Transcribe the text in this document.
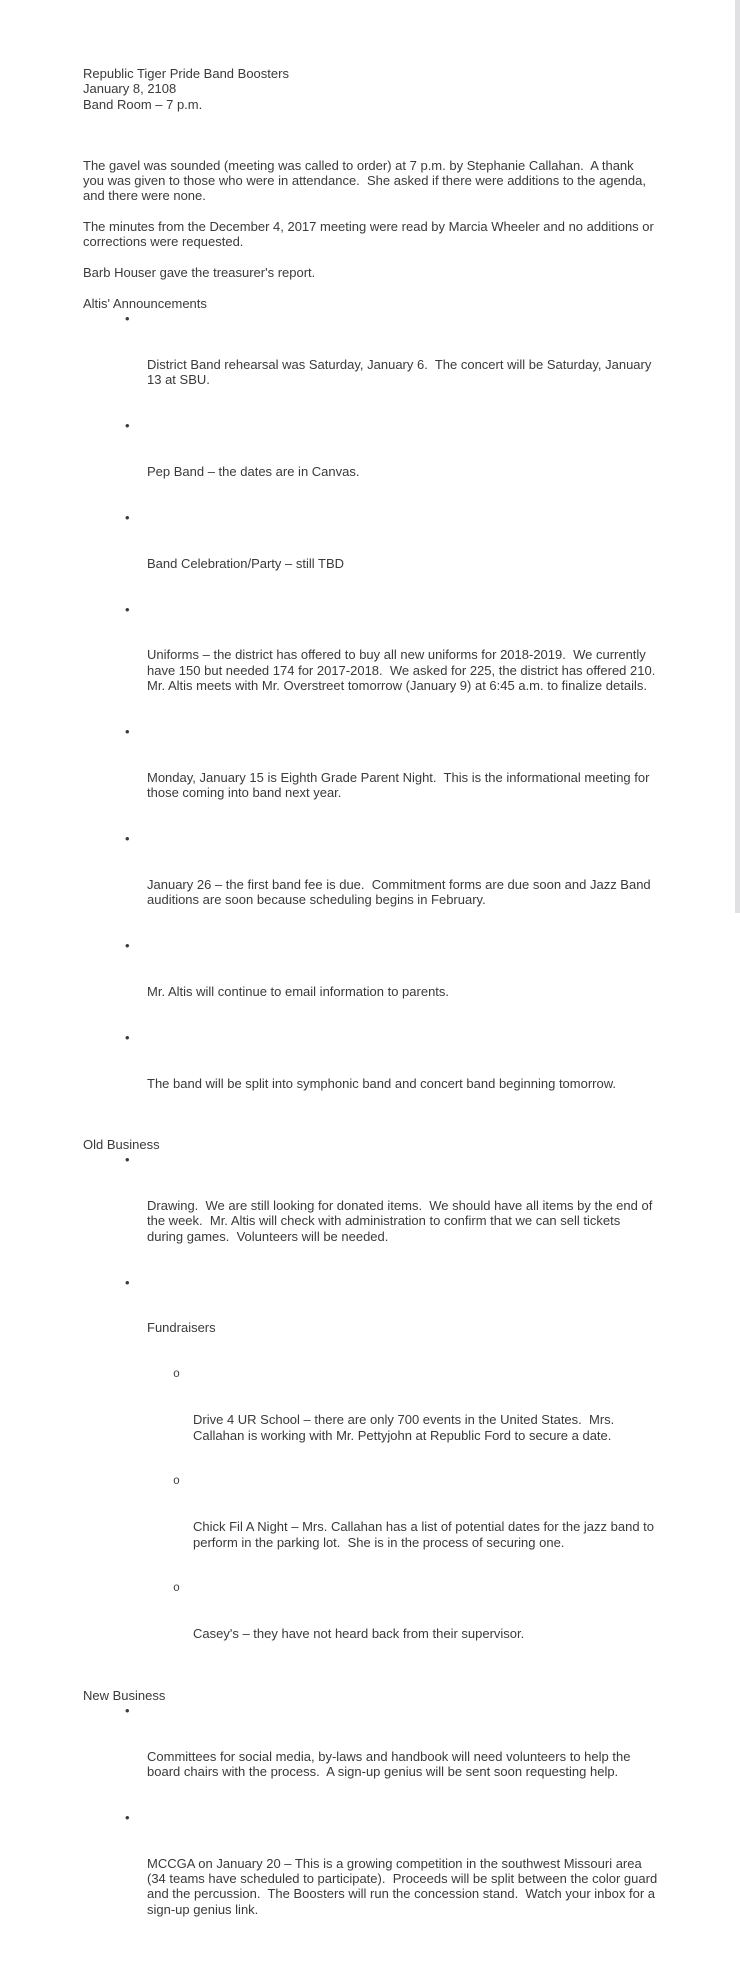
Republic Tiger Pride Band Boosters
January 8, 2108
Band Room – 7 p.m.

The gavel was sounded (meeting was called to order) at 7 p.m. by Stephanie Callahan.  A thank you was given to those who were in attendance.  She asked if there were additions to the agenda, and there were none.

The minutes from the December 4, 2017 meeting were read by Marcia Wheeler and no additions or corrections were requested.

Barb Houser gave the treasurer's report.

Altis' Announcements

•

District Band rehearsal was Saturday, January 6.  The concert will be Saturday, January 13 at SBU.

•

Pep Band – the dates are in Canvas.

•

Band Celebration/Party – still TBD

•

Uniforms – the district has offered to buy all new uniforms for 2018-2019.  We currently have 150 but needed 174 for 2017-2018.  We asked for 225, the district has offered 210.  Mr. Altis meets with Mr. Overstreet tomorrow (January 9) at 6:45 a.m. to finalize details.

•

Monday, January 15 is Eighth Grade Parent Night.  This is the informational meeting for those coming into band next year.

•

January 26 – the first band fee is due.  Commitment forms are due soon and Jazz Band auditions are soon because scheduling begins in February.

•

Mr. Altis will continue to email information to parents.

•

The band will be split into symphonic band and concert band beginning tomorrow.

Old Business

•

Drawing.  We are still looking for donated items.  We should have all items by the end of the week.  Mr. Altis will check with administration to confirm that we can sell tickets during games.  Volunteers will be needed.

•

Fundraisers

o

Drive 4 UR School – there are only 700 events in the United States.  Mrs. Callahan is working with Mr. Pettyjohn at Republic Ford to secure a date.

o

Chick Fil A Night – Mrs. Callahan has a list of potential dates for the jazz band to perform in the parking lot.  She is in the process of securing one.

o

Casey's – they have not heard back from their supervisor.

New Business

•

Committees for social media, by-laws and handbook will need volunteers to help the board chairs with the process.  A sign-up genius will be sent soon requesting help.

•

MCCGA on January 20 – This is a growing competition in the southwest Missouri area (34 teams have scheduled to participate).  Proceeds will be split between the color guard and the percussion.  The Boosters will run the concession stand.  Watch your inbox for a sign-up genius link.
